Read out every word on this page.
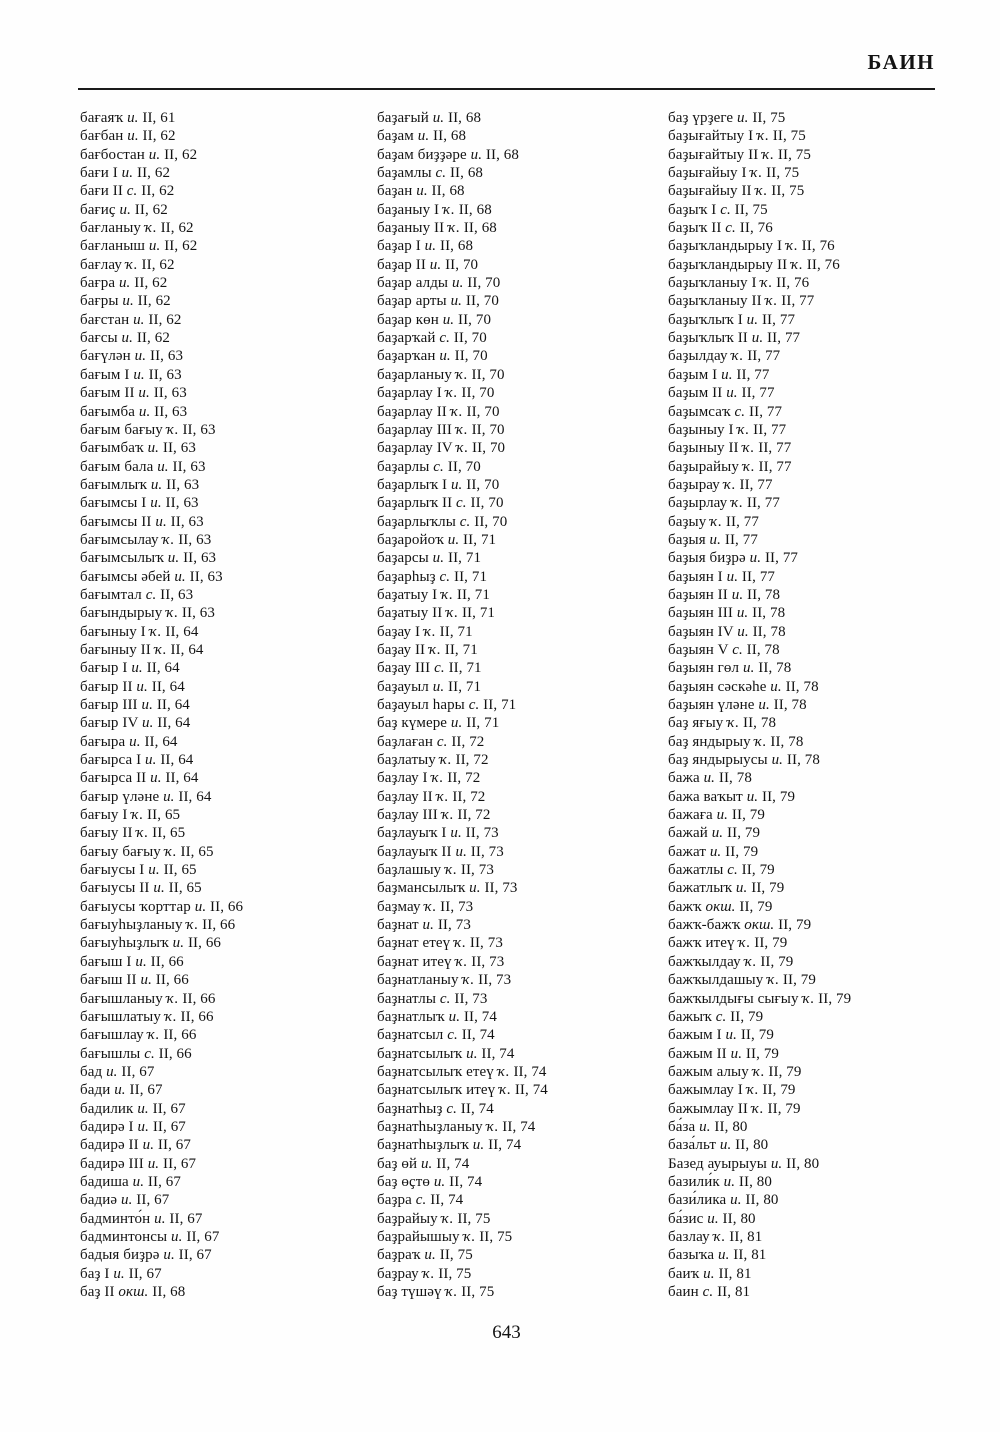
БАИН
бағаяҡ и. II, 61
бағбан и. II, 62
бағбостан и. II, 62
бағи I и. II, 62
бағи II с. II, 62
бағиҫ и. II, 62
бағланыу ҡ. II, 62
бағланыш и. II, 62
бағлау ҡ. II, 62
бағра и. II, 62
бағры и. II, 62
бағстан и. II, 62
бағсы и. II, 62
бағүлән и. II, 63
бағым I и. II, 63
бағым II и. II, 63
бағымба и. II, 63
бағым бағыу ҡ. II, 63
бағымбаҡ и. II, 63
бағым бала и. II, 63
бағымлыҡ и. II, 63
бағымсы I и. II, 63
бағымсы II и. II, 63
бағымсылау ҡ. II, 63
бағымсылыҡ и. II, 63
бағымсы әбей и. II, 63
бағымтал с. II, 63
бағындырыу ҡ. II, 63
бағыныу I ҡ. II, 64
бағыныу II ҡ. II, 64
бағыр I и. II, 64
бағыр II и. II, 64
бағыр III и. II, 64
бағыр IV и. II, 64
бағыра и. II, 64
бағырса I и. II, 64
бағырса II и. II, 64
бағыр үләне и. II, 64
бағыу I ҡ. II, 65
бағыу II ҡ. II, 65
бағыу бағыу ҡ. II, 65
бағыусы I и. II, 65
бағыусы II и. II, 65
бағыусы ҡорттар и. II, 66
бағыуһыҙланыу ҡ. II, 66
бағыуһыҙлыҡ и. II, 66
бағыш I и. II, 66
бағыш II и. II, 66
бағышланыу ҡ. II, 66
бағышлатыу ҡ. II, 66
бағышлау ҡ. II, 66
бағышлы с. II, 66
бад и. II, 67
бади и. II, 67
бадилик и. II, 67
бадирә I и. II, 67
бадирә II и. II, 67
бадирә III и. II, 67
бадиша и. II, 67
бадиә и. II, 67
бадминто́н и. II, 67
бадминтонсы и. II, 67
бадыя биҙрә и. II, 67
баҙ I и. II, 67
баҙ II окш. II, 68
баҙағый и. II, 68
баҙам и. II, 68
баҙам биҙҙәре и. II, 68
баҙамлы с. II, 68
баҙан и. II, 68
баҙаныу I ҡ. II, 68
баҙаныу II ҡ. II, 68
баҙар I и. II, 68
баҙар II и. II, 70
баҙар алды и. II, 70
баҙар арты и. II, 70
баҙар көн и. II, 70
баҙарҡай с. II, 70
баҙарҡан и. II, 70
баҙарланыу ҡ. II, 70
баҙарлау I ҡ. II, 70
баҙарлау II ҡ. II, 70
баҙарлау III ҡ. II, 70
баҙарлау IV ҡ. II, 70
баҙарлы с. II, 70
баҙарлыҡ I и. II, 70
баҙарлыҡ II с. II, 70
баҙарлыҡлы с. II, 70
баҙаройоҡ и. II, 71
баҙарсы и. II, 71
баҙарһыҙ с. II, 71
баҙатыу I ҡ. II, 71
баҙатыу II ҡ. II, 71
баҙау I ҡ. II, 71
баҙау II ҡ. II, 71
баҙау III с. II, 71
баҙауыл и. II, 71
баҙауыл һары с. II, 71
баҙ күмере и. II, 71
баҙлаған с. II, 72
баҙлатыу ҡ. II, 72
баҙлау I ҡ. II, 72
баҙлау II ҡ. II, 72
баҙлау III ҡ. II, 72
баҙлауыҡ I и. II, 73
баҙлауыҡ II и. II, 73
баҙлашыу ҡ. II, 73
баҙмансылыҡ и. II, 73
баҙмау ҡ. II, 73
баҙнат и. II, 73
баҙнат етеү ҡ. II, 73
баҙнат итеү ҡ. II, 73
баҙнатланыу ҡ. II, 73
баҙнатлы с. II, 73
баҙнатлыҡ и. II, 74
баҙнатсыл с. II, 74
баҙнатсылыҡ и. II, 74
баҙнатсылыҡ етеү ҡ. II, 74
баҙнатсылыҡ итеү ҡ. II, 74
баҙнатһыҙ с. II, 74
баҙнатһыҙланыу ҡ. II, 74
баҙнатһыҙлыҡ и. II, 74
баҙ өй и. II, 74
баҙ өҫтө и. II, 74
баҙра с. II, 74
баҙрайыу ҡ. II, 75
баҙрайышыу ҡ. II, 75
баҙраҡ и. II, 75
баҙрау ҡ. II, 75
баҙ түшәү ҡ. II, 75
баҙ үрҙеге и. II, 75
баҙығайтыу I ҡ. II, 75
баҙығайтыу II ҡ. II, 75
баҙығайыу I ҡ. II, 75
баҙығайыу II ҡ. II, 75
баҙыҡ I с. II, 75
баҙыҡ II с. II, 76
баҙыҡландырыу I ҡ. II, 76
баҙыҡландырыу II ҡ. II, 76
баҙыҡланыу I ҡ. II, 76
баҙыҡланыу II ҡ. II, 77
баҙыҡлыҡ I и. II, 77
баҙыҡлыҡ II и. II, 77
баҙылдау ҡ. II, 77
баҙым I и. II, 77
баҙым II и. II, 77
баҙымсаҡ с. II, 77
баҙыныу I ҡ. II, 77
баҙыныу II ҡ. II, 77
баҙырайыу ҡ. II, 77
баҙырау ҡ. II, 77
баҙырлау ҡ. II, 77
баҙыу ҡ. II, 77
баҙыя и. II, 77
баҙыя биҙрә и. II, 77
баҙыян I и. II, 77
баҙыян II и. II, 78
баҙыян III и. II, 78
баҙыян IV и. II, 78
баҙыян V с. II, 78
баҙыян гөл и. II, 78
баҙыян сәскәһе и. II, 78
баҙыян үләне и. II, 78
баҙ яғыу ҡ. II, 78
баҙ яндырыу ҡ. II, 78
баҙ яндырыусы и. II, 78
бажа и. II, 78
бажа ваҡыт и. II, 79
бажаға и. II, 79
бажай и. II, 79
бажат и. II, 79
бажатлы с. II, 79
бажатлыҡ и. II, 79
бажҡ окш. II, 79
бажҡ-бажҡ окш. II, 79
бажҡ итеү ҡ. II, 79
бажҡылдау ҡ. II, 79
бажҡылдашыу ҡ. II, 79
бажҡылдығы сығыу ҡ. II, 79
бажыҡ с. II, 79
бажым I и. II, 79
бажым II и. II, 79
бажым алыу ҡ. II, 79
бажымлау I ҡ. II, 79
бажымлау II ҡ. II, 79
ба́за и. II, 80
база́льт и. II, 80
Базед ауырыуы и. II, 80
базили́к и. II, 80
бази́лика и. II, 80
ба́зис и. II, 80
базлау ҡ. II, 81
базыҡа и. II, 81
баиҡ и. II, 81
баин с. II, 81
643
